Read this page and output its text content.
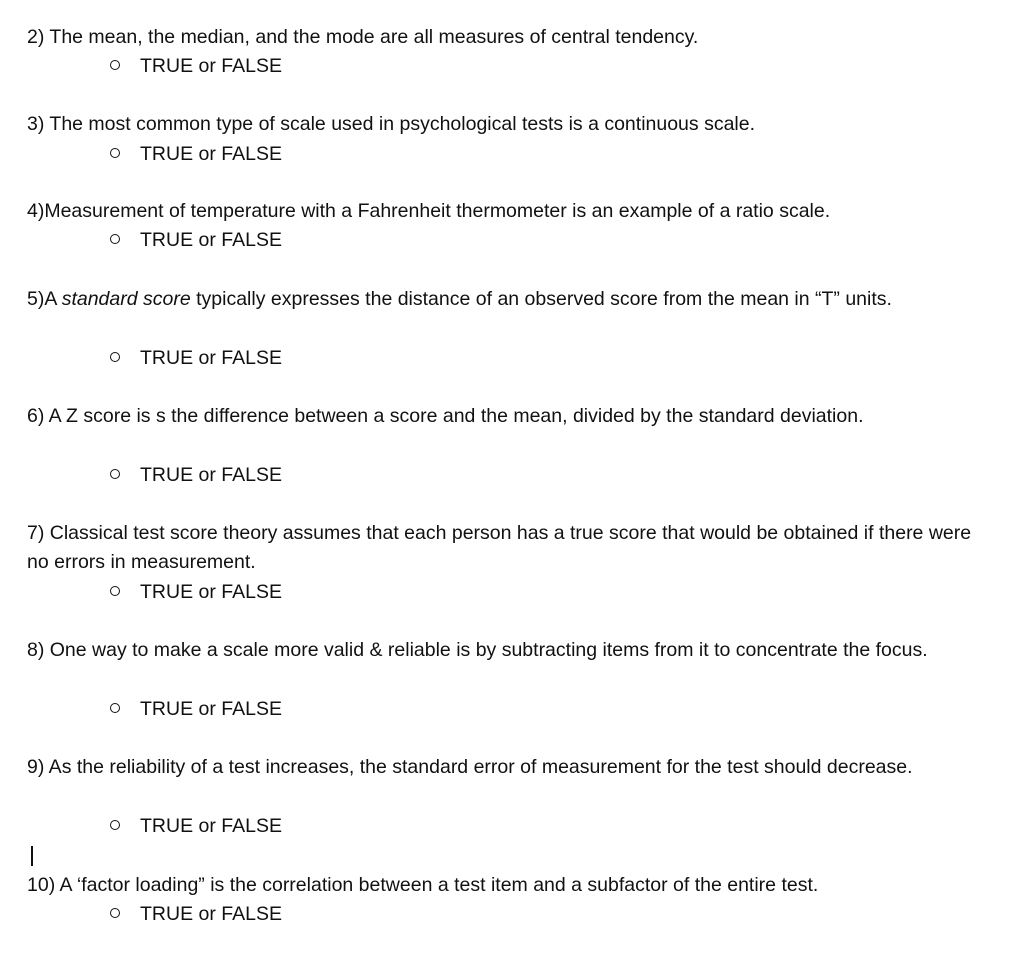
2) The mean, the median, and the mode are all measures of central tendency.

TRUE or FALSE

3) The most common type of scale used in psychological tests is a continuous scale.

TRUE or FALSE

4)Measurement of temperature with a Fahrenheit thermometer is an example of a ratio scale.

TRUE or FALSE

5)A standard score typically expresses the distance of an observed score from the mean in “T” units.

TRUE or FALSE

6) A Z score is s the difference between a score and the mean, divided by the standard deviation.

TRUE or FALSE

7) Classical test score theory assumes that each person has a true score that would be obtained if there were no errors in measurement.

TRUE or FALSE

8) One way to make a scale more valid & reliable is by subtracting items from it to concentrate the focus.

TRUE or FALSE

9) As the reliability of a test increases, the standard error of measurement for the test should decrease.

TRUE or FALSE

10) A ‘factor loading” is the correlation between a test item and a subfactor of the entire test.

TRUE or FALSE
